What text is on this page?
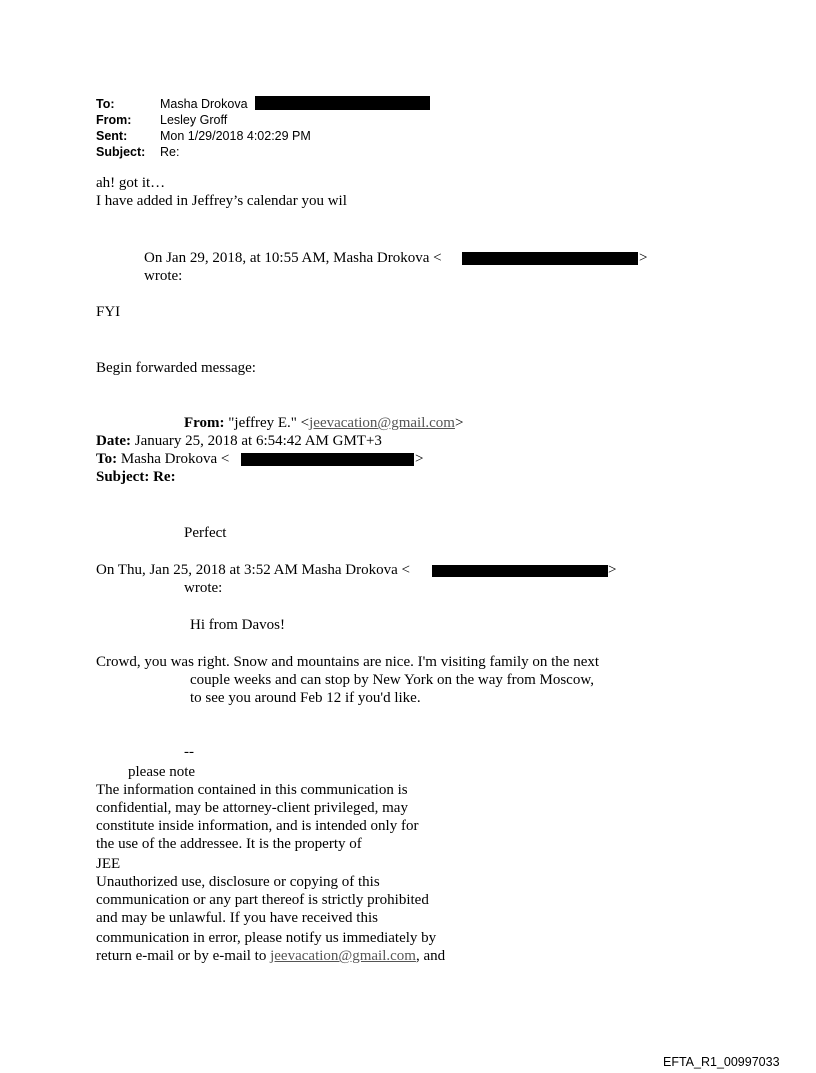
To:	Masha Drokova
From: Lesley Groff
Sent:	Mon 1/29/2018 4:02:29 PM
Subject: Re:
ah! got it…
I have added in Jeffrey’s calendar you wil
On Jan 29, 2018, at 10:55 AM, Masha Drokova <	>
wrote:
FYI
Begin forwarded message:
From: "jeffrey E." <jeevacation@gmail.com>
Date: January 25, 2018 at 6:54:42 AM GMT+3
To: Masha Drokova <	>
Subject: Re:
Perfect
On Thu, Jan 25, 2018 at 3:52 AM Masha Drokova <	>
wrote:
Hi from Davos!
Crowd, you was right. Snow and mountains are nice. I'm visiting family on the next
couple weeks and can stop by New York on the way from Moscow,
to see you around Feb 12 if you'd like.
--
please note
The information contained in this communication is
confidential, may be attorney-client privileged, may
constitute inside information, and is intended only for
the use of the addressee. It is the property of
JEE
Unauthorized use, disclosure or copying of this
communication or any part thereof is strictly prohibited
and may be unlawful. If you have received this
communication in error, please notify us immediately by
return e-mail or by e-mail to jeevacation@gmail.com, and
EFTA_R1_00997033
